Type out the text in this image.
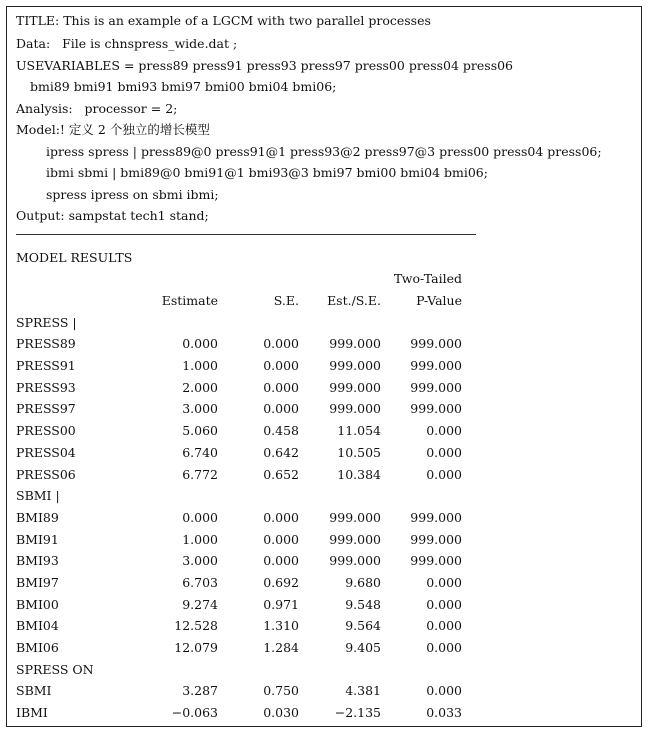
TITLE: This is an example of a LGCM with two parallel processes
Data:   File is chnspress_wide.dat ;
USEVARIABLES = press89 press91 press93 press97 press00 press04 press06
bmi89 bmi91 bmi93 bmi97 bmi00 bmi04 bmi06;
Analysis:   processor = 2;
Model:! 定义 2 个独立的增长模型
ipress spress | press89@0 press91@1 press93@2 press97@3 press00 press04 press06;
ibmi sbmi | bmi89@0 bmi91@1 bmi93@3 bmi97 bmi00 bmi04 bmi06;
spress ipress on sbmi ibmi;
Output: sampstat tech1 stand;
MODEL RESULTS
				Two-Tailed
	Estimate	S.E.	Est./S.E.	P-Value
SPRESS |				
PRESS89	0.000	0.000	999.000	999.000
PRESS91	1.000	0.000	999.000	999.000
PRESS93	2.000	0.000	999.000	999.000
PRESS97	3.000	0.000	999.000	999.000
PRESS00	5.060	0.458	11.054	0.000
PRESS04	6.740	0.642	10.505	0.000
PRESS06	6.772	0.652	10.384	0.000
SBMI |				
BMI89	0.000	0.000	999.000	999.000
BMI91	1.000	0.000	999.000	999.000
BMI93	3.000	0.000	999.000	999.000
BMI97	6.703	0.692	9.680	0.000
BMI00	9.274	0.971	9.548	0.000
BMI04	12.528	1.310	9.564	0.000
BMI06	12.079	1.284	9.405	0.000
SPRESS ON				
SBMI	3.287	0.750	4.381	0.000
IBMI	−0.063	0.030	−2.135	0.033
